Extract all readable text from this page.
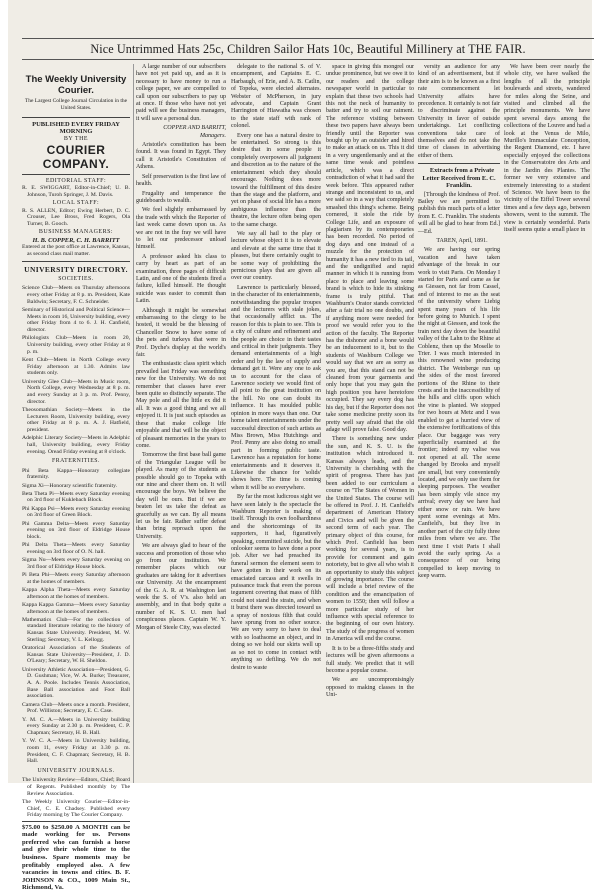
Nice Untrimmed Hats 25c, Children Sailor Hats 10c, Beautiful Millinery at THE FAIR.
The Weekly University Courier.
The Largest College Journal Circulation in the United States.
PUBLISHED EVERY FRIDAY MORNING
BY THE
COURIER COMPANY.
EDITORIAL STAFF:
R. E. SWIGGART, Editor-in-Chief; U. B. Johnson, Turoh Springer, J. M. Davis.
LOCAL STAFF:
R. S. ALLEN, Editor; Ewing Herbert, D. C. Crouser, Lee Bross, Fred Rogers, Ola Turner, B. Gooch.
BUSINESS MANAGERS:
H. B. COPPER, C. H. BARRITT
Entered at the post office at Lawrence, Kansas, as second class mail matter.
UNIVERSITY DIRECTORY.
SOCIETIES.
Science Club—Meets on Thursday afternoons every other Friday at 8 p. m. President, Kate Baldwin; Secretary, F. C. Schneider.
Seminary of Historical and Political Science—Meets in room 16, University building, every other Friday from 4 to 6. J. H. Canfield, director.
Philologists Club—Meets in room 20, University building, every other Friday at 8 p. m.
Kent Club—Meets in North College every Friday afternoon at 1.30. Admits law students only.
University Glee Club—Meets in Music room, North College, every Wednesday at 8 p. m. and every Sunday at 3 p. m. Prof. Penny, director.
Theosomathian Society—Meets in the Lecturers Room, University building, every other Friday at 8 p. m. A. J. Hatfield, president.
Adelphic Literary Society—Meets in Adelphic hall, University building, every Friday evening. Oread Friday evening at 8 o'clock.
FRATERNITIES.
Phi Beta Kappa—Honorary collegiate fraternity.
Sigma Xi—Honorary scientific fraternity.
Beta Theta Pi—Meets every Saturday evening on 3rd floor of Kuklebach Block.
Phi Kappa Psi—Meets every Saturday evening on 3rd floor of Green Block.
Phi Gamma Delta—Meets every Saturday evening on 3rd floor of Eldridge House block.
Phi Delta Theta—Meets every Saturday evening on 3rd floor of O. N. hall.
Sigma Nu—Meets every Saturday evening on 3rd floor of Eldridge House block.
Pi Beta Phi—Meets every Saturday afternoon at the homes of members.
Kappa Alpha Theta—Meets every Saturday afternoon at the homes of members.
Kappa Kappa Gamma—Meets every Saturday afternoon at the homes of members.
Mathematics Club—For the collection of standard literature relating to the history of Kansas State University. President, M. W. Sterling; Secretary, V. L. Kellogg.
Oratorical Association of the Students of Kansas State University—President, J. D. O'Leary; Secretary, W. H. Sheldon.
University Athletic Association—President, G. D. Gushman; Vice, W. A. Burke; Treasurer, A. A. Poole. Includes Tennis Association, Base Ball association and Foot Ball association.
Camera Club—Meets once a month. President, Prof. Williston; Secretary, E. C. Case.
Y. M. C. A.—Meets in University building every Sunday at 2.30 p. m. President, C. P. Chapman; Secretary, H. B. Hall.
Y. W. C. A.—Meets in University building, room 11, every Friday at 3.30 p. m. President, C. F. Chapman; Secretary, H. B. Hall.
UNIVERSITY JOURNALS.
The University Review—Editors, Chief; Board of Regents. Published monthly by The Review Association.
The Weekly University Courier—Editor-in-Chief, C. E. Chadsey. Published every Friday morning by The Courier Company.
$75.00 to $250.00 A MONTH can be made working for us. Persons preferred who can furnish a horse and give their whole time to the business. Spare moments may be profitably employed also. A few vacancies in towns and cities. B. F. JOHNSON & CO., 1009 Main St., Richmond, Va.

A large number of our subscribers have not yet paid up, and as it is necessary to have money to run a college paper, we are compelled to call upon our subscribers to pay up at once. If those who have not yet paid will see the business managers, it will save a personal dun.

COPPER AND BARRITT, Managers.

Aristotle's constitution has been found. It was found in Egypt. They call it Aristotle's Constitution of Athens.

Self preservation is the first law of health.

Frugality and temperance the guideboards to wealth.

We feel slightly embarrassed by the trade with which the Reporter of last week came down upon us. As we are not in the fray we will have to let our predecessor unload himself.

A professor asked his class to carry by heart as part of an examination, three pages of difficult Latin, and one of the students fired a failure, killed himself. He thought suicide was easier to commit than Latin.

Although it might be somewhat embarrassing to the clergy to be hosted, it would be the blessing of Chancellor Snow to have some of the pets and turkeys that were in Prof. Dyche's display at the world's fair.

The enthusiastic class spirit which prevailed last Friday was something new for the University. We do not remember that classes have ever been quite so distinctly separate. The May pole and all the little ex did it all. It was a good thing and we all enjoyed it. It is just such episodes as these that make college life enjoyable and that will be the object of pleasant memories in the years to come.

Tomorrow the first base ball game of the Triangular League will be played. As many of the students as possible should go to Topeka with our nine and cheer them on. It will encourage the boys. We believe the day will be ours. But if we are beaten let us take the defeat as gracefully as we can. By all means let us be fair. Rather suffer defeat than bring reproach upon the University.

We are always glad to hear of the success and promotion of those who go from our institution. We remember places which our graduates are taking for it advertises our University. At the encampment of the G. A. R. at Washington last week the S. of V's. also held an assembly, and in that body quite a number of K. S. U. men had conspicuous places. Captain W. Y. Morgan of Steele City, was elected

delegate to the national S. of V. encampment, and Captains E. C. Harbaugh, of Erie, and A. B. Catlin, of Topeka, were elected alternates. Webster of McPherson, in jury advocate, and Captain Grant Harrington of Hiawatha was chosen to the state staff with rank of colonel.

Every one has a natural desire to be entertained. So strong is this desire that in some people it completely overpowers all judgment and discretion as to the nature of the entertainment which they should encourage. Nothing does more toward the fulfillment of this desire than the stage and the platform, and yet on phase of social life has a more ambiguous influence than the theatre, the lecture often being open to the same charge.

We say all hail to the play or lecture whose object it is to elevate and elevate at the same time that it pleases, but there certainly ought to be some way of prohibiting the pernicious plays that are given all over our country.

Lawrence is particularly blessed, in the character of its entertainments, notwithstanding the popular troupes and the lecturers with stale jokes, that occasionally afflict us. The reason for this is plain to see. This is a city of culture and refinement and the people are choice in their tastes and critical in their judgments. They demand entertainments of a high order and by the law of supply and demand get it. Were any one to ask us to account for the class of Lawrence society we would first of all point to the great institution on the hill. No one can doubt its influence. It has moulded public opinion in more ways than one. Our home talent entertainments under the successful direction of such artists as Miss Brown, Miss Hutchings and Prof. Penny are also doing no small part in forming public taste. Lawrence has a reputation for home entertainments and it deserves it. Likewise the chance for 'solids' shows here. The time is coming when it will be so everywhere.

By far the most ludicrous sight we have seen lately is the spectacle the Washburn Reporter is making of itself. Through its own foolhardiness and the shortcomings of its supporters, it had, figuratively speaking, committed suicide, but the onlooker seems to have done a poor job. After we had preached its funeral sermon the element seem to have gotten in their work on its emaciated carcass and it swells in puissance track that even the porous tegument covering that mass of filth could not stand the strain, and when it burst there was directed toward us a spray of noxious filth that could have sprung from no other source. We are very sorry to have to deal with so loathsome an object, and in doing so we hold our skirts well up as so not to come in contact with anything so defiling. We do not desire to waste

space in giving this mongrel our undue prominence, but we owe it to our readers and the college newspaper world in particular to explain that these two schools had this not the neck of humanity to batter and try to soil our raiment. The reference visiting between these two papers have always been friendly until the Reporter was bought up by an outsider and hired to make an attack on us. This it did in a very ungentlemanly and at the same time weak and pointless article, which was a direct contradiction of what it had said the week before. This appeared rather strange and inconsistent to us, and we said so in a way that completely smashed this thing's scheme. Being cornered, it stole the ride by College Life, and an exposure of plagiarism by its contemporaries has been recorded. No period of dog days and one instead of a muzzle for the protection of humanity it has a new tied to its tail, and the undignified and rapid manner in which it is running from place to place and leaving some brand is which to hide its stinking frame is truly pitiful. That Washburn's Orator stands convicted after a fair trial no one doubts, and if anything more were needed for proof we would refer you to the action of the faculty. The Reporter has the dishonor and a bone would be an inducement to it, but to the students of Washburn College we would say that we are as sorry as you are, that this stand can not be cleaned from your garments and only hope that you may gain the high position you have heretofore occupied. They say every dog has his day, but if the Reporter does not take some medicine pretty soon its pretty well say afraid that the old adage will prove false. Good day.

There is something new under the sun, and K. S. U. is the institution which introduced it. Kansas always leads, and the University is cherishing with the spirit of progress. There has just been added to our curriculum a course on "The States of Women in the United States. The course will be offered in Prof. J. H. Canfield's department of American History and Civics and will be given the second term of each year. The primary object of this course, for which Prof. Canfield has been working for several years, is to provide for comment and gain notoriety, but to give all who wish it an opportunity to study this subject of growing importance. The course will include a brief review of the condition and the emancipation of women to 1550; then will follow a more particular study of her influence with special reference to the beginning of our own history. The study of the progress of women in America will end the course.

It is to be a three-fifths study and lectures will be given afternoons a full study. We predict that it will become a popular course.

We are uncompromisingly opposed to making classes in the Uni-

versity an audience for any kind of an advertisement, but if their aim is to be known as a first rate commencement let University affairs have precedence. It certainly is not fair to discriminate against the University in favor of outside undertakings. Let conflicting conventions take care of themselves and do not take the time of classes in advertising either of them.

Extracts from a Private Letter Received from E. C. Franklin.

[Through the kindness of Prof. Bailey we are permitted to publish this much parts of a letter from E. C. Franklin. The students will all be glad to hear from Ed.]—Ed.

TAREN, April, 1891.

We are having our spring vacation and have taken advantage of the break in our work to visit Paris. On Monday I started for Paris and came as far as Giessen, not far from Cassel, and of interest to me as the seat of the university where Liebig spent many years of his life before going to Munich. I spent the night at Giessen, and took the train next day down the beautiful valley of the Lahn to the Rhine at Coblenz, then up the Moselle to Trier. I was much interested in this renowned wine producing district. The Weinberge run up the sides of the most favored portions of the Rhine to their crests and in the inaccessibility of the hills and cliffs upon which the vine is planted. We stopped for two hours at Metz and I was enabled to get a hurried view of the extensive fortifications of this place. Our baggage was very superficially examined at the frontier; indeed my valise was not opened at all. The scene changed by Brooks and myself are small, but very conveniently located, and we only use them for sleeping purposes. The weather has been simply vile since my arrival; every day we have had either snow or rain. We have spent some evenings at Mrs. Canfield's, but they live in another part of the city fully three miles from where we are. The next time I visit Paris I shall avoid the early spring. As a consequence of our being compelled to keep moving to keep warm.

We have been over nearly the whole city, we have walked the lengths of all the principle boulevards and streets, wandered for miles along the Seine, and visited and climbed all the principle monuments. We have spent several days among the collections of the Louvre and had a look at the Venus de Milo, Murillo's Immaculate Conception, the Regent Diamond, etc. I have especially enjoyed the collections in the Conservatoire des Arts and in the Jardin des Plantes. The former we very extensive and extremely interesting to a student of Science. We have been to the vicinity of the Eiffel Tower several times and a few days ago, between showers, went to the summit. The view is certainly wonderful. Paris itself seems quite a small place in
